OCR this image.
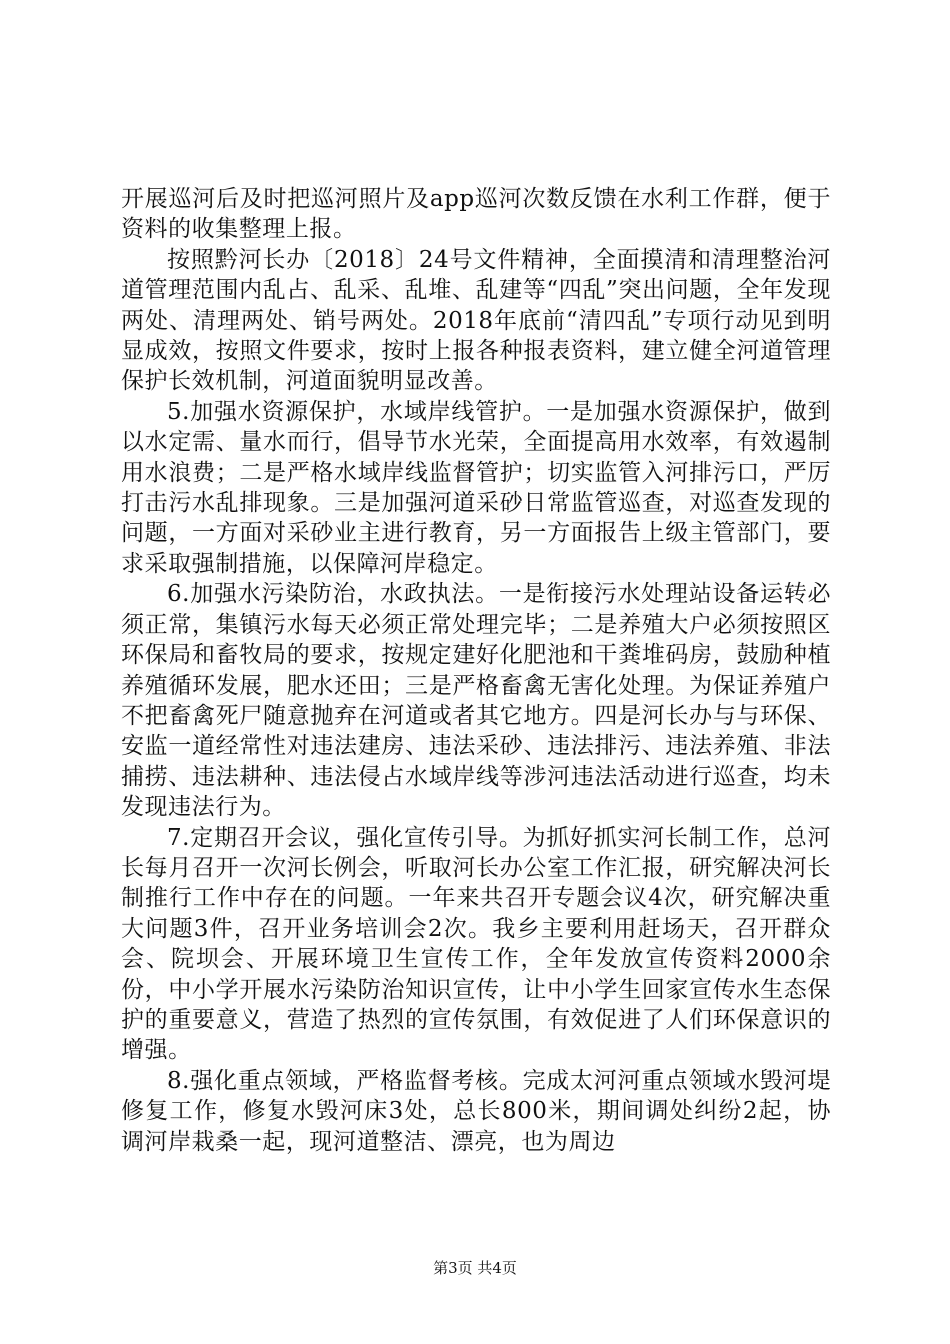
开展巡河后及时把巡河照片及app巡河次数反馈在水利工作群，便于资料的收集整理上报。

按照黔河长办〔2018〕24号文件精神，全面摸清和清理整治河道管理范围内乱占、乱采、乱堆、乱建等“四乱”突出问题，全年发现两处、清理两处、销号两处。2018年底前“清四乱”专项行动见到明显成效，按照文件要求，按时上报各种报表资料，建立健全河道管理保护长效机制，河道面貌明显改善。

5.加强水资源保护，水域岸线管护。一是加强水资源保护，做到以水定需、量水而行，倡导节水光荣，全面提高用水效率，有效遏制用水浪费；二是严格水域岸线监督管护；切实监管入河排污口，严厉打击污水乱排现象。三是加强河道采砂日常监管巡查，对巡查发现的问题，一方面对采砂业主进行教育，另一方面报告上级主管部门，要求采取强制措施，以保障河岸稳定。

6.加强水污染防治，水政执法。一是衔接污水处理站设备运转必须正常，集镇污水每天必须正常处理完毕；二是养殖大户必须按照区环保局和畜牧局的要求，按规定建好化肥池和干粪堆码房，鼓励种植养殖循环发展，肥水还田；三是严格畜禽无害化处理。为保证养殖户不把畜禽死尸随意抛弃在河道或者其它地方。四是河长办与与环保、安监一道经常性对违法建房、违法采砂、违法排污、违法养殖、非法捕捞、违法耕种、违法侵占水域岸线等涉河违法活动进行巡查，均未发现违法行为。

7.定期召开会议，强化宣传引导。为抓好抓实河长制工作，总河长每月召开一次河长例会，听取河长办公室工作汇报，研究解决河长制推行工作中存在的问题。一年来共召开专题会议4次，研究解决重大问题3件，召开业务培训会2次。我乡主要利用赶场天，召开群众会、院坝会、开展环境卫生宣传工作，全年发放宣传资料2000余份，中小学开展水污染防治知识宣传，让中小学生回家宣传水生态保护的重要意义，营造了热烈的宣传氛围，有效促进了人们环保意识的增强。

8.强化重点领域，严格监督考核。完成太河河重点领域水毁河堤修复工作，修复水毁河床3处，总长800米，期间调处纠纷2起，协调河岸栽桑一起，现河道整洁、漂亮，也为周边

第3页 共4页
